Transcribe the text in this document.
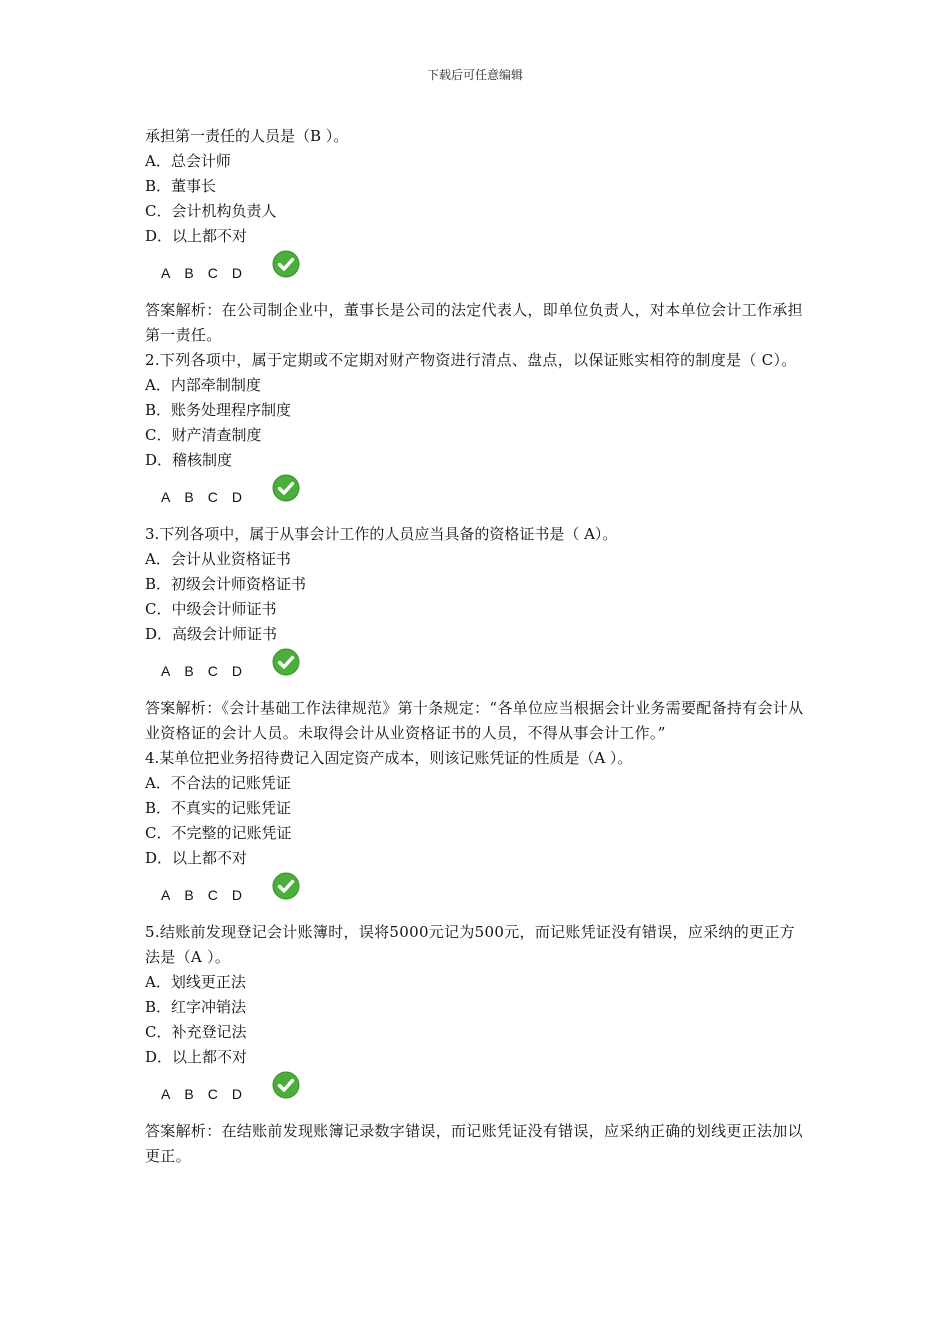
下载后可任意编辑
承担第一责任的人员是（B ）。
A．总会计师
B．董事长
C．会计机构负责人
D．以上都不对
A B C D
答案解析：在公司制企业中，董事长是公司的法定代表人，即单位负责人，对本单位会计工作承担第一责任。
2.下列各项中，属于定期或不定期对财产物资进行清点、盘点，以保证账实相符的制度是（ C）。
A．内部牵制制度
B．账务处理程序制度
C．财产清查制度
D．稽核制度
A B C D
3.下列各项中，属于从事会计工作的人员应当具备的资格证书是（ A）。
A．会计从业资格证书
B．初级会计师资格证书
C．中级会计师证书
D．高级会计师证书
A B C D
答案解析：《会计基础工作法律规范》第十条规定：“各单位应当根据会计业务需要配备持有会计从业资格证的会计人员。未取得会计从业资格证书的人员，不得从事会计工作。”
4.某单位把业务招待费记入固定资产成本，则该记账凭证的性质是（A ）。
A．不合法的记账凭证
B．不真实的记账凭证
C．不完整的记账凭证
D．以上都不对
A B C D
5.结账前发现登记会计账簿时，误将5000元记为500元，而记账凭证没有错误，应采纳的更正方法是（A ）。
A．划线更正法
B．红字冲销法
C．补充登记法
D．以上都不对
A B C D
答案解析：在结账前发现账簿记录数字错误，而记账凭证没有错误，应采纳正确的划线更正法加以更正。
